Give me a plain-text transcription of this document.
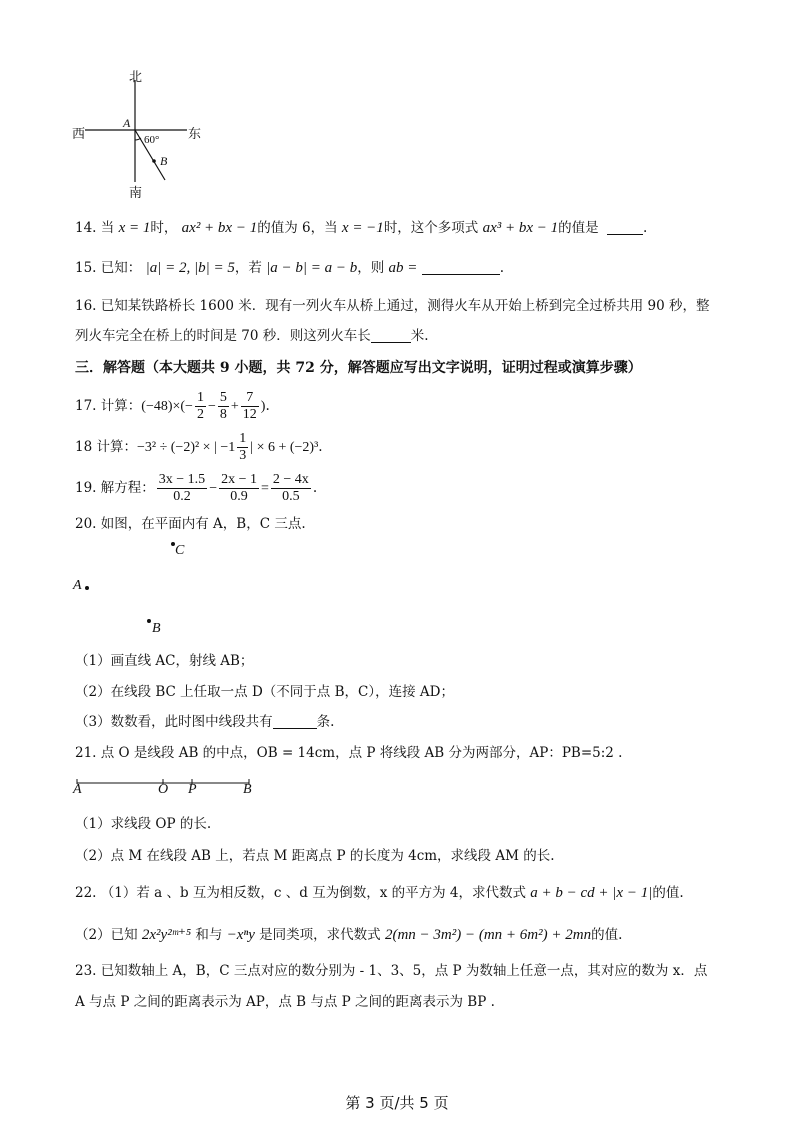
北
南
西	东
A
B
60°
14. 当 x = 1时， ax² + bx − 1的值为 6，当 x = −1时，这个多项式 ax³ + bx − 1的值是	.
15. 已知： |a| = 2, |b| = 5，若 |a − b| = a − b，则 ab =	.
16. 已知某铁路桥长 1600 米．现有一列火车从桥上通过，测得火车从开始上桥到完全过桥共用 90 秒，整
列火车完全在桥上的时间是 70 秒．则这列火车长	米.
三．解答题（本大题共 9 小题，共 72 分，解答题应写出文字说明，证明过程或演算步骤）
17. 计算：$(-48)\times(- \frac{1}{2} - \frac{5}{8} + \frac{7}{12}$ ).
18 计算：−3² ÷ (−2)² × | $-1 \frac{1}{3}$ | × 6 + (−2)³.
19. 解方程： $\frac{3x - 1.5}{0.2} - \frac{2x - 1}{0.9} = \frac{2 - 4x}{0.5}$ .
20. 如图，在平面内有 A，B，C 三点.
C
A
B
（1）画直线 AC，射线 AB；
（2）在线段 BC 上任取一点 D（不同于点 B，C），连接 AD；
（3）数数看，此时图中线段共有	条.
21. 点 O 是线段 AB 的中点，OB = 14cm，点 P 将线段 AB 分为两部分，AP：PB=5:2 .
A	O P	B
（1）求线段 OP 的长.
（2）点 M 在线段 AB 上，若点 M 距离点 P 的长度为 4cm，求线段 AM 的长.
22. （1）若 a 、b 互为相反数，c 、d 互为倒数，x 的平方为 4，求代数式 a + b − cd + |x − 1|的值.
（2）已知 2x²y²ᵐ⁺⁵ 和与 −xⁿy 是同类项，求代数式 2(mn − 3m²) − (mn + 6m²) + 2mn的值.
23. 已知数轴上 A，B，C 三点对应的数分别为 - 1、3、5，点 P 为数轴上任意一点，其对应的数为 x．点
A 与点 P 之间的距离表示为 AP，点 B 与点 P 之间的距离表示为 BP .
第 3 页/共 5 页
